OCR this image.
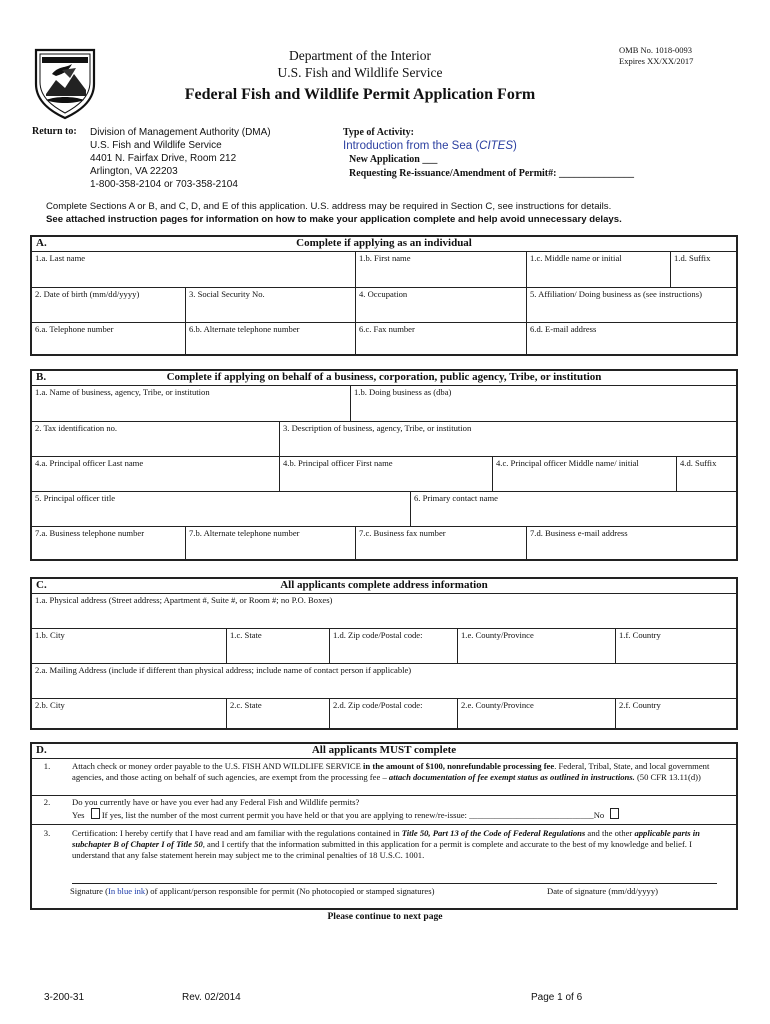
Department of the Interior
U.S. Fish and Wildlife Service
OMB No. 1018-0093
Expires XX/XX/2017
Federal Fish and Wildlife Permit Application Form
Return to: Division of Management Authority (DMA)
U.S. Fish and Wildlife Service
4401 N. Fairfax Drive, Room 212
Arlington, VA 22203
1-800-358-2104 or 703-358-2104
Type of Activity:
Introduction from the Sea (CITES)
New Application ___
Requesting Re-issuance/Amendment of Permit#: _______________
Complete Sections A or B, and C, D, and E of this application. U.S. address may be required in Section C, see instructions for details.
See attached instruction pages for information on how to make your application complete and help avoid unnecessary delays.
A.	Complete if applying as an individual
1.a. Last name	1.b. First name	1.c. Middle name or initial	1.d. Suffix
2. Date of birth (mm/dd/yyyy)	3. Social Security No.	4. Occupation	5. Affiliation/ Doing business as (see instructions)
6.a. Telephone number	6.b. Alternate telephone number	6.c. Fax number	6.d. E-mail address
B.	Complete if applying on behalf of a business, corporation, public agency, Tribe, or institution
1.a. Name of business, agency, Tribe, or institution	1.b. Doing business as (dba)
2. Tax identification no.	3. Description of business, agency, Tribe, or institution
4.a. Principal officer Last name	4.b. Principal officer First name	4.c. Principal officer Middle name/ initial	4.d. Suffix
5. Principal officer title	6. Primary contact name
7.a. Business telephone number	7.b. Alternate telephone number	7.c. Business fax number	7.d. Business e-mail address
C.	All applicants complete address information
1.a. Physical address (Street address; Apartment #, Suite #, or Room #; no P.O. Boxes)
1.b. City	1.c. State	1.d. Zip code/Postal code:	1.e. County/Province	1.f. Country
2.a. Mailing Address (include if different than physical address; include name of contact person if applicable)
2.b. City	2.c. State	2.d. Zip code/Postal code:	2.e. County/Province	2.f. Country
D.	All applicants MUST complete
1.	Attach check or money order payable to the U.S. FISH AND WILDLIFE SERVICE in the amount of $100, nonrefundable processing fee. Federal, Tribal, State, and local government agencies, and those acting on behalf of such agencies, are exempt from the processing fee – attach documentation of fee exempt status as outlined in instructions. (50 CFR 13.11(d))
2.	Do you currently have or have you ever had any Federal Fish and Wildlife permits?
Yes  If yes, list the number of the most current permit you have held or that you are applying to renew/re-issue: _____________________________No
3.	Certification: I hereby certify that I have read and am familiar with the regulations contained in Title 50, Part 13 of the Code of Federal Regulations and the other applicable parts in subchapter B of Chapter I of Title 50, and I certify that the information submitted in this application for a permit is complete and accurate to the best of my knowledge and belief. I understand that any false statement herein may subject me to the criminal penalties of 18 U.S.C. 1001.
Signature (In blue ink) of applicant/person responsible for permit (No photocopied or stamped signatures)	Date of signature (mm/dd/yyyy)
Please continue to next page
3-200-31	Rev. 02/2014	Page 1 of 6
